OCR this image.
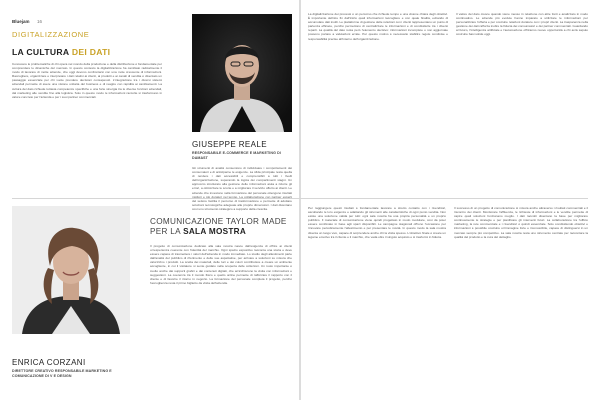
Bluejam 16
DIGITALIZZAZIONE
LA CULTURA DEI DATI
Conoscere le problematiche di chi opera nel mondo della produzione e della distribuzione è fondamentale per comprendere le dinamiche del mercato. In questo contesto la digitalizzazione ha cambiato radicalmente il modo di lavorare di molte aziende, che oggi devono confrontarsi con una mole crescente di informazioni. Raccogliere, organizzare e interpretare i dati relativi ai clienti, ai prodotti e ai canali di vendita è diventato un passaggio essenziale per chi vuole prendere decisioni consapevoli. L'integrazione tra i diversi sistemi aziendali permette di avere una visione unitaria del business e di reagire con rapidità ai cambiamenti. La cultura del dato richiede tuttavia competenze specifiche e una forte sinergia tra le diverse funzioni aziendali, dal marketing alle vendite fino alla logistica. Solo in questo modo le informazioni raccolte si trasformano in valore concreto per l'azienda e per i suoi partner commerciali.
GIUSEPPE REALE
RESPONSABILE E-COMMERCE E MARKETING DI DAMAST
Gli strumenti di analisi consentono di individuare i comportamenti dei consumatori e di anticiparne le esigenze. La sfida principale resta quella di rendere i dati accessibili e comprensibili a tutti i livelli dell'organizzazione, superando la logica dei compartimenti stagni. Un approccio strutturato alla gestione delle informazioni aiuta a ridurre gli errori, a ottimizzare le scorte e a migliorare il servizio offerto ai clienti. Le aziende che investono nella formazione del personale ottengono risultati migliori e più duraturi nel tempo. La collaborazione con partner esperti del settore facilita il percorso di trasformazione e permette di adottare soluzioni tecnologiche adeguate alle proprie dimensioni. I dati diventano così uno strumento strategico a supporto della crescita.
La digitalizzazione dei processi è un percorso che richiede tempo e una visione chiara degli obiettivi. È importante definire fin dall'inizio quali informazioni raccogliere e con quale finalità, evitando di accumulare dati inutili. Le piattaforme di gestione delle relazioni con i clienti rappresentano un punto di partenza efficace, perché permettono di centralizzare le informazioni e di condividerle tra i diversi reparti. La qualità del dato resta però l'elemento decisivo: informazioni incomplete o non aggiornate possono portare a valutazioni errate. Per questo motivo è necessario stabilire regole condivise e responsabilità precise all'interno dell'organizzazione.
Il valore del dato cresce quando viene messo in relazione con altre fonti e analizzato in modo continuativo. Le aziende più evolute hanno imparato a utilizzare le informazioni per personalizzare l'offerta e per costruire relazioni durature con i propri clienti. La trasparenza nella gestione dei dati rafforza inoltre la fiducia dei consumatori e dei partner commerciali. Guardando al futuro, l'intelligenza artificiale e l'automazione offriranno nuove opportunità a chi avrà saputo costruire basi solide oggi.
ENRICA CORZANI
DIRETTORE CREATIVO RESPONSABILE MARKETING E COMUNICAZIONE DI V E DESIGN
COMUNICAZIONE TAYLOR MADE
PER LA SALA MOSTRA
Il progetto di comunicazione dedicato alla sala mostra nasce dall'esigenza di offrire ai clienti un'esperienza coerente con l'identità del marchio. Ogni spazio espositivo racconta una storia e deve essere capace di trasmettere i valori dell'azienda in modo immediato. Lo studio degli allestimenti parte dall'analisi del pubblico di riferimento e delle sue aspettative, per arrivare a soluzioni su misura che valorizzino i prodotti. La scelta dei materiali, delle luci e dei colori contribuisce a creare un ambiente accogliente, in cui il visitatore si sente guidato nella scoperta delle collezioni. Un ruolo importante è svolto anche dai supporti grafici e dai contenuti digitali, che arricchiscono la visita con informazioni e suggestioni. La coerenza tra il mondo fisico e quello online permette di rafforzare il rapporto con il cliente e di favorire il ritorno in negozio. La formazione del personale completa il progetto, perché l'accoglienza resta il primo biglietto da visita dell'azienda.
Per raggiungere questi risultati è fondamentale lavorare a stretto contatto con i rivenditori, ascoltando le loro esigenze e adattando gli strumenti alle caratteristiche di ogni punto vendita. Non esiste una soluzione valida per tutti: ogni sala mostra ha una propria personalità e un proprio pubblico. Il materiale di comunicazione viene quindi progettato in modo modulare, così da poter essere combinato in base agli spazi disponibili. Le campagne stagionali offrono l'occasione per rinnovare periodicamente l'allestimento e per presentare le novità. In questo modo la sala mostra diventa un luogo vivo, capace di sorprendere anche chi la visita spesso. L'obiettivo finale è creare un legame emotivo tra il cliente e il marchio, che vada oltre il singolo acquisto e si trasformi in fiducia.
Il successo di un progetto di comunicazione si misura anche attraverso i risultati commerciali e il riscontro dei clienti. Monitorare l'affluenza, le richieste di informazioni e le vendite permette di capire quali soluzioni funzionano meglio. I dati raccolti diventano la base per migliorare continuamente le strategie e per pianificare gli interventi futuri. La collaborazione tra l'ufficio marketing, la rete commerciale e i rivenditori è quindi essenziale. Solo condividendo obiettivi e informazioni è possibile costruire un'immagine forte e riconoscibile, capace di distinguersi in un mercato sempre più competitivo. La sala mostra resta uno strumento centrale per raccontare la qualità del prodotto e la cura del dettaglio.
